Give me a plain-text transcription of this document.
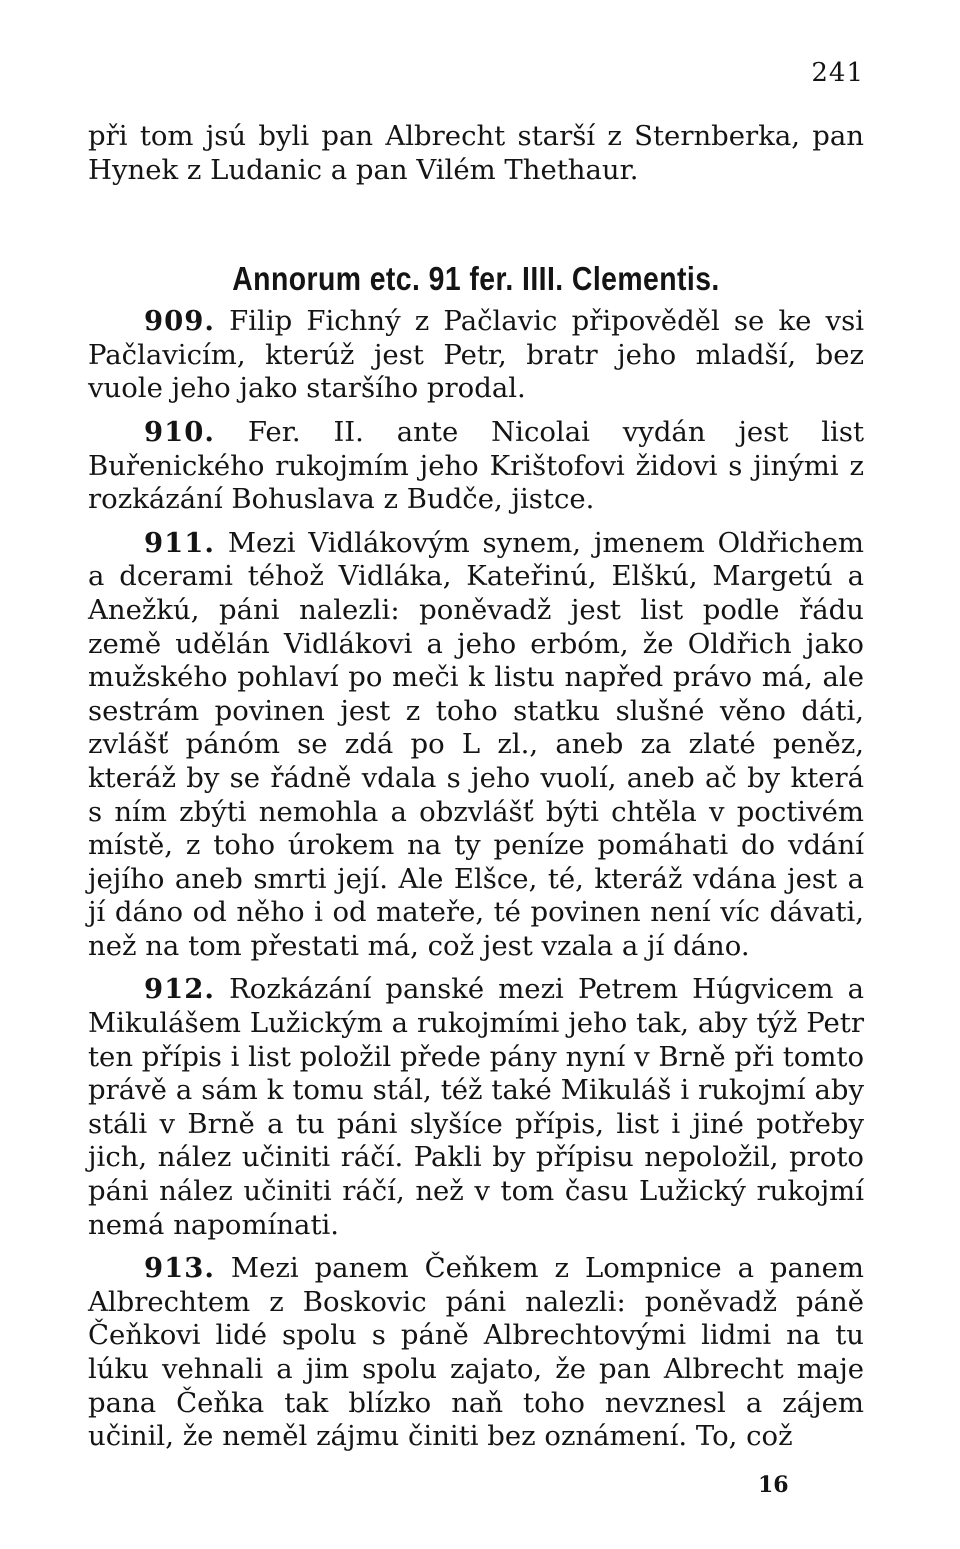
241

při tom jsú byli pan Albrecht starší z Sternberka, pan Hynek z Ludanic a pan Vilém Thethaur.

Annorum etc. 91 fer. IIII. Clementis.

909. Filip Fichný z Pačlavic připověděl se ke vsi Pačlavicím, kterúž jest Petr, bratr jeho mladší, bez vuole jeho jako staršího prodal.

910. Fer. II. ante Nicolai vydán jest list Buřenického rukojmím jeho Krištofovi židovi s jinými z rozkázání Bohuslava z Budče, jistce.

911. Mezi Vidlákovým synem, jmenem Oldřichem a dcerami téhož Vidláka, Kateřinú, Elškú, Margetú a Anežkú, páni nalezli: poněvadž jest list podle řádu země udělán Vidlákovi a jeho erbóm, že Oldřich jako mužského pohlaví po meči k listu napřed právo má, ale sestrám povinen jest z toho statku slušné věno dáti, zvlášť pánóm se zdá po L zl., aneb za zlaté peněz, kteráž by se řádně vdala s jeho vuolí, aneb ač by která s ním zbýti nemohla a obzvlášť býti chtěla v poctivém místě, z toho úrokem na ty peníze pomáhati do vdání jejího aneb smrti její. Ale Elšce, té, kteráž vdána jest a jí dáno od něho i od mateře, té povinen není víc dávati, než na tom přestati má, což jest vzala a jí dáno.

912. Rozkázání panské mezi Petrem Húgvicem a Mikulášem Lužickým a rukojmími jeho tak, aby týž Petr ten přípis i list položil přede pány nyní v Brně při tomto právě a sám k tomu stál, též také Mikuláš i rukojmí aby stáli v Brně a tu páni slyšíce přípis, list i jiné potřeby jich, nález učiniti ráčí. Pakli by přípisu nepoložil, proto páni nález učiniti ráčí, než v tom času Lužický rukojmí nemá napomínati.

913. Mezi panem Čeňkem z Lompnice a panem Albrechtem z Boskovic páni nalezli: poněvadž páně Čeňkovi lidé spolu s páně Albrechtovými lidmi na tu lúku vehnali a jim spolu zajato, že pan Albrecht maje pana Čeňka tak blízko naň toho nevznesl a zájem učinil, že neměl zájmu činiti bez oznámení. To, což

16
